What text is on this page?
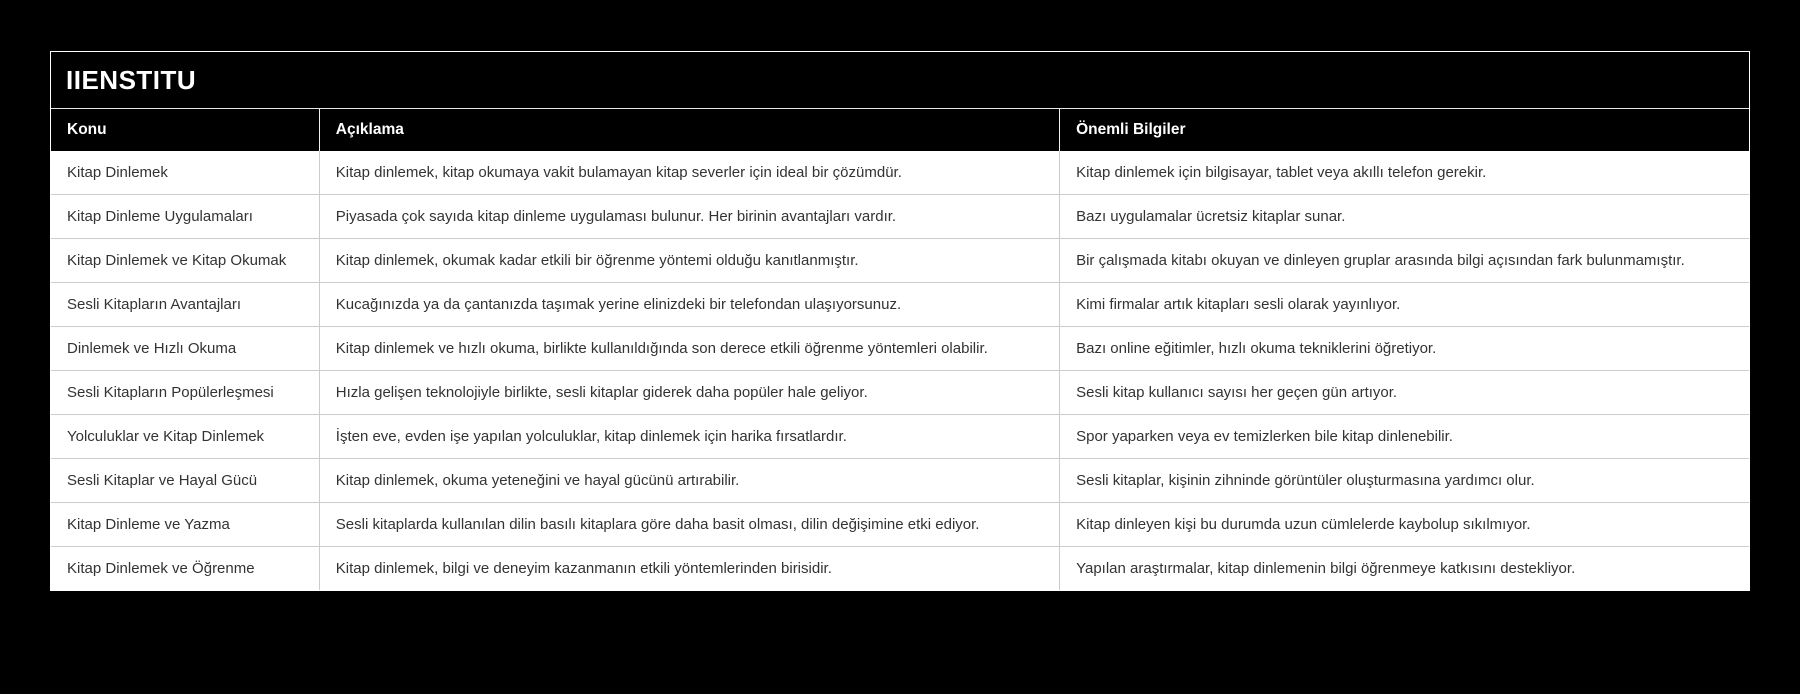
IIENSTITU
Konu	Açıklama	Önemli Bilgiler
Kitap Dinlemek	Kitap dinlemek, kitap okumaya vakit bulamayan kitap severler için ideal bir çözümdür.	Kitap dinlemek için bilgisayar, tablet veya akıllı telefon gerekir.
Kitap Dinleme Uygulamaları	Piyasada çok sayıda kitap dinleme uygulaması bulunur. Her birinin avantajları vardır.	Bazı uygulamalar ücretsiz kitaplar sunar.
Kitap Dinlemek ve Kitap Okumak	Kitap dinlemek, okumak kadar etkili bir öğrenme yöntemi olduğu kanıtlanmıştır.	Bir çalışmada kitabı okuyan ve dinleyen gruplar arasında bilgi açısından fark bulunmamıştır.
Sesli Kitapların Avantajları	Kucağınızda ya da çantanızda taşımak yerine elinizdeki bir telefondan ulaşıyorsunuz.	Kimi firmalar artık kitapları sesli olarak yayınlıyor.
Dinlemek ve Hızlı Okuma	Kitap dinlemek ve hızlı okuma, birlikte kullanıldığında son derece etkili öğrenme yöntemleri olabilir.	Bazı online eğitimler, hızlı okuma tekniklerini öğretiyor.
Sesli Kitapların Popülerleşmesi	Hızla gelişen teknolojiyle birlikte, sesli kitaplar giderek daha popüler hale geliyor.	Sesli kitap kullanıcı sayısı her geçen gün artıyor.
Yolculuklar ve Kitap Dinlemek	İşten eve, evden işe yapılan yolculuklar, kitap dinlemek için harika fırsatlardır.	Spor yaparken veya ev temizlerken bile kitap dinlenebilir.
Sesli Kitaplar ve Hayal Gücü	Kitap dinlemek, okuma yeteneğini ve hayal gücünü artırabilir.	Sesli kitaplar, kişinin zihninde görüntüler oluşturmasına yardımcı olur.
Kitap Dinleme ve Yazma	Sesli kitaplarda kullanılan dilin basılı kitaplara göre daha basit olması, dilin değişimine etki ediyor.	Kitap dinleyen kişi bu durumda uzun cümlelerde kaybolup sıkılmıyor.
Kitap Dinlemek ve Öğrenme	Kitap dinlemek, bilgi ve deneyim kazanmanın etkili yöntemlerinden birisidir.	Yapılan araştırmalar, kitap dinlemenin bilgi öğrenmeye katkısını destekliyor.
